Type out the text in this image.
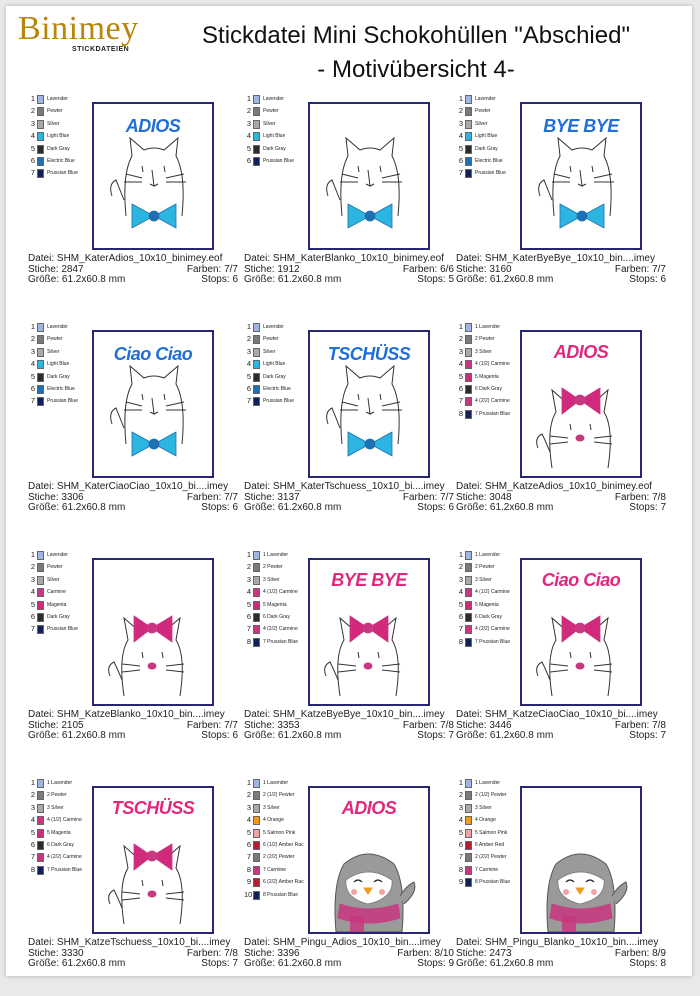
Binimey
STICKDATEIEN
Stickdatei Mini Schokohüllen "Abschied"
- Motivübersicht 4-
1 Lavender
2 Pewter
3 Silver
4 Light Blue
5 Dark Gray
6 Electric Blue
7 Prussian Blue
ADIOS
Datei: SHM_KaterAdios_10x10_binimey.eof
Stiche: 2847	Farben: 7/7
Größe: 61.2x60.8 mm	Stops: 6
1 Lavender
2 Pewter
3 Silver
4 Light Blue
5 Dark Gray
6 Prussian Blue
Datei: SHM_KaterBlanko_10x10_binimey.eof
Stiche: 1912	Farben: 6/6
Größe: 61.2x60.8 mm	Stops: 5
1 Lavender
2 Pewter
3 Silver
4 Light Blue
5 Dark Gray
6 Electric Blue
7 Prussian Blue
BYE BYE
Datei: SHM_KaterByeBye_10x10_bin....imey
Stiche: 3160	Farben: 7/7
Größe: 61.2x60.8 mm	Stops: 6
1 Lavender
2 Pewter
3 Silver
4 Light Blue
5 Dark Gray
6 Electric Blue
7 Prussian Blue
Ciao Ciao
Datei: SHM_KaterCiaoCiao_10x10_bi....imey
Stiche: 3306	Farben: 7/7
Größe: 61.2x60.8 mm	Stops: 6
1 Lavender
2 Pewter
3 Silver
4 Light Blue
5 Dark Gray
6 Electric Blue
7 Prussian Blue
TSCHÜSS
Datei: SHM_KaterTschuess_10x10_bi....imey
Stiche: 3137	Farben: 7/7
Größe: 61.2x60.8 mm	Stops: 6
1 1 Lavender
2 2 Pewter
3 3 Silver
4 4 (1/2) Carmine
5 5 Magenta
6 6 Dark Gray
7 4 (2/2) Carmine
8 7 Prussian Blue
ADIOS
Datei: SHM_KatzeAdios_10x10_binimey.eof
Stiche: 3048	Farben: 7/8
Größe: 61.2x60.8 mm	Stops: 7
1 Lavender
2 Pewter
3 Silver
4 Carmine
5 Magenta
6 Dark Gray
7 Prussian Blue
Datei: SHM_KatzeBlanko_10x10_bin....imey
Stiche: 2105	Farben: 7/7
Größe: 61.2x60.8 mm	Stops: 6
1 1 Lavender
2 2 Pewter
3 3 Silver
4 4 (1/2) Carmine
5 5 Magenta
6 6 Dark Gray
7 4 (2/2) Carmine
8 7 Prussian Blue
BYE BYE
Datei: SHM_KatzeByeBye_10x10_bin....imey
Stiche: 3353	Farben: 7/8
Größe: 61.2x60.8 mm	Stops: 7
1 1 Lavender
2 2 Pewter
3 3 Silver
4 4 (1/2) Carmine
5 5 Magenta
6 6 Dark Gray
7 4 (2/2) Carmine
8 7 Prussian Blue
Ciao Ciao
Datei: SHM_KatzeCiaoCiao_10x10_bi....imey
Stiche: 3446	Farben: 7/8
Größe: 61.2x60.8 mm	Stops: 7
1 1 Lavender
2 2 Pewter
3 3 Silver
4 4 (1/2) Carmine
5 5 Magenta
6 6 Dark Gray
7 4 (2/2) Carmine
8 7 Prussian Blue
TSCHÜSS
Datei: SHM_KatzeTschuess_10x10_bi....imey
Stiche: 3330	Farben: 7/8
Größe: 61.2x60.8 mm	Stops: 7
1 1 Lavender
2 2 (1/2) Pewter
3 3 Silver
4 4 Orange
5 5 Salmon Pink
6 6 (1/2) Amber Rac
7 2 (2/2) Pewter
8 7 Carmine
9 6 (2/2) Amber Rac
10 8 Prussian Blue
ADIOS
Datei: SHM_Pingu_Adios_10x10_bin....imey
Stiche: 3396	Farben: 8/10
Größe: 61.2x60.8 mm	Stops: 9
1 1 Lavender
2 2 (1/2) Pewter
3 3 Silver
4 4 Orange
5 5 Salmon Pink
6 6 Amber Red
7 2 (2/2) Pewter
8 7 Carmine
9 8 Prussian Blue
Datei: SHM_Pingu_Blanko_10x10_bin....imey
Stiche: 2473	Farben: 8/9
Größe: 61.2x60.8 mm	Stops: 8
